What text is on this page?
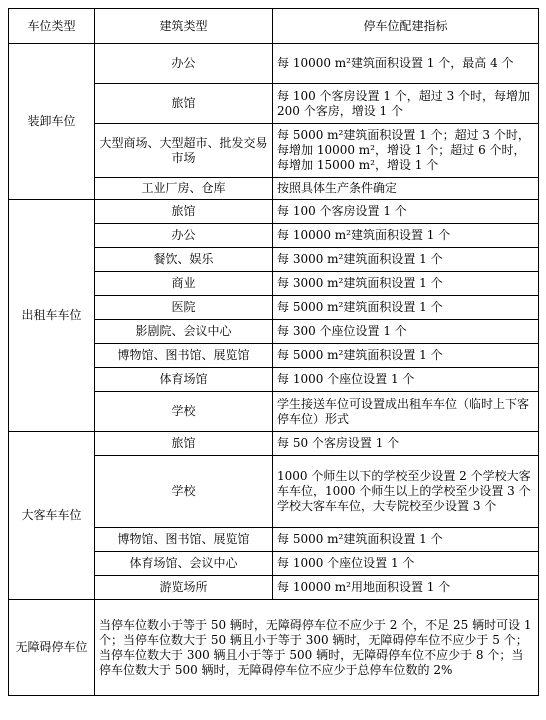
车位类型	建筑类型	停车位配建指标
装卸车位	办公	每 10000 m²建筑面积设置 1 个，最高 4 个
	旅馆	每 100 个客房设置 1 个，超过 3 个时，每增加 200 个客房，增设 1 个
	大型商场、大型超市、批发交易市场	每 5000 m²建筑面积设置 1 个；超过 3 个时，每增加 10000 m²，增设 1 个；超过 6 个时，每增加 15000 m²，增设 1 个
	工业厂房、仓库	按照具体生产条件确定
出租车车位	旅馆	每 100 个客房设置 1 个
	办公	每 10000 m²建筑面积设置 1 个
	餐饮、娱乐	每 3000 m²建筑面积设置 1 个
	商业	每 3000 m²建筑面积设置 1 个
	医院	每 5000 m²建筑面积设置 1 个
	影剧院、会议中心	每 300 个座位设置 1 个
	博物馆、图书馆、展览馆	每 5000 m²建筑面积设置 1 个
	体育场馆	每 1000 个座位设置 1 个
	学校	学生接送车位可设置成出租车车位（临时上下客停车位）形式
大客车车位	旅馆	每 50 个客房设置 1 个
	学校	1000 个师生以下的学校至少设置 2 个学校大客车车位，1000 个师生以上的学校至少设置 3 个学校大客车车位，大专院校至少设置 3 个
	博物馆、图书馆、展览馆	每 5000 m²建筑面积设置 1 个
	体育场馆、会议中心	每 1000 个座位设置 1 个
	游览场所	每 10000 m²用地面积设置 1 个
无障碍停车位	当停车位数小于等于 50 辆时，无障碍停车位不应少于 2 个，不足 25 辆时可设 1 个；当停车位数大于 50 辆且小于等于 300 辆时，无障碍停车位不应少于 5 个；当停车位数大于 300 辆且小于等于 500 辆时，无障碍停车位不应少于 8 个；当停车位数大于 500 辆时，无障碍停车位不应少于总停车位数的 2%	
